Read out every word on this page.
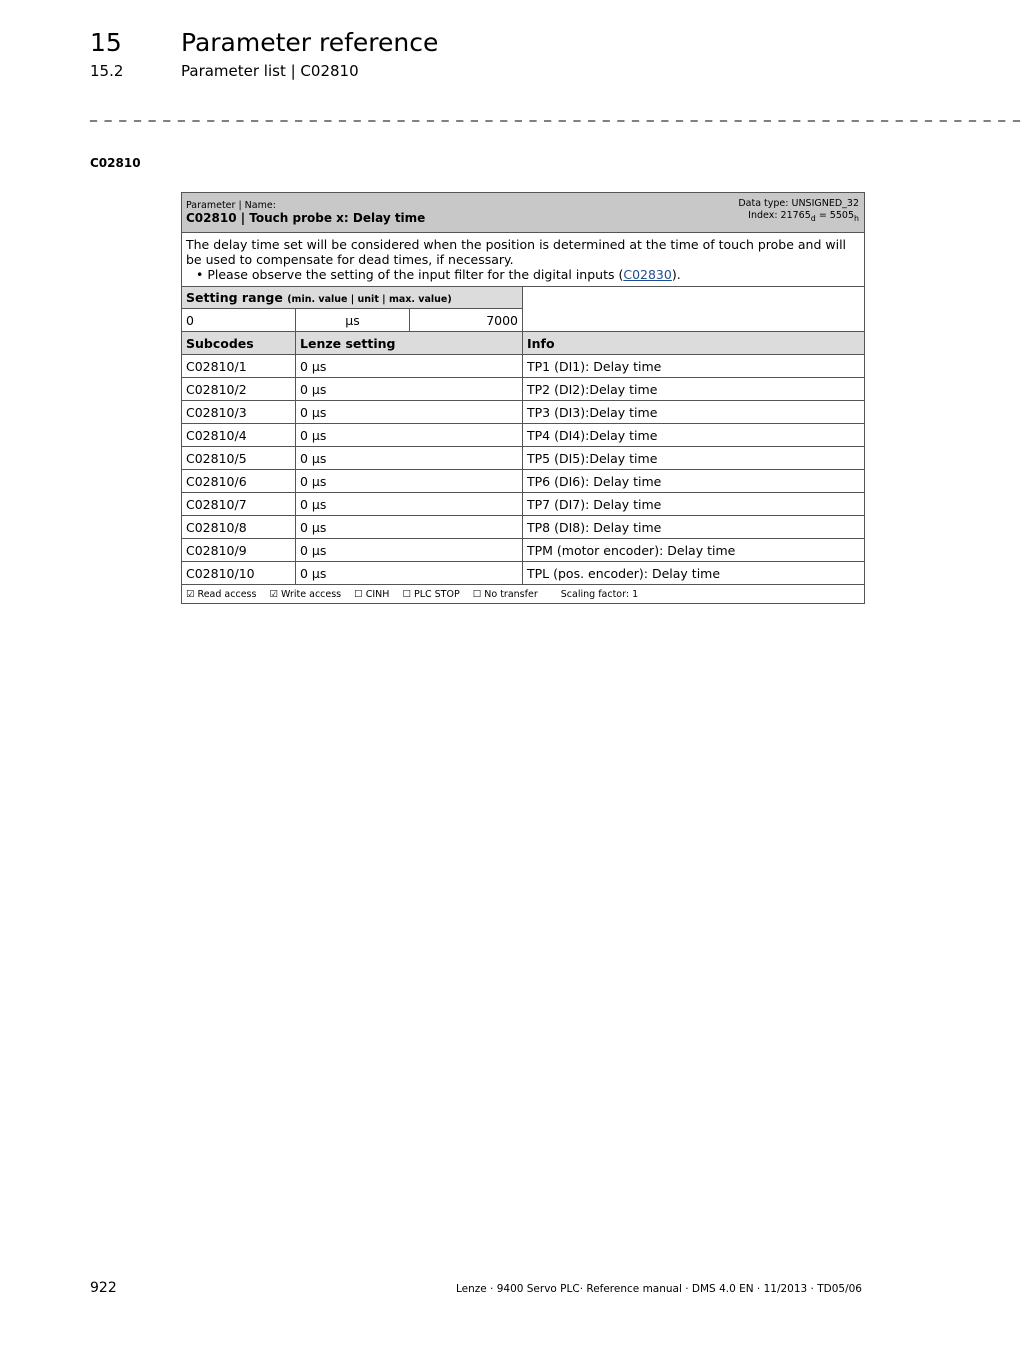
15 Parameter reference
15.2	Parameter list | C02810
_ _ _ _ _ _ _ _ _ _ _ _ _ _ _ _ _ _ _ _ _ _ _ _ _ _ _ _ _ _ _ _ _ _ _ _ _ _ _ _ _ _ _ _ _ _ _ _ _ _ _ _ _ _ _ _ _ _ _ _ _ _ _ _
C02810
Parameter | Name:
C02810 | Touch probe x: Delay time
Data type: UNSIGNED_32
Index: $21765_d = 5505_h$

The delay time set will be considered when the position is determined at the time of touch probe and will be used to compensate for dead times, if necessary.
• Please observe the setting of the input filter for the digital inputs (C02830).			

Setting range (min. value | unit | max. value)			
0	µs	7000	
Subcodes	Lenze setting		Info
C02810/1	0 µs		TP1 (DI1): Delay time
C02810/2	0 µs		TP2 (DI2):Delay time
C02810/3	0 µs		TP3 (DI3):Delay time
C02810/4	0 µs		TP4 (DI4):Delay time
C02810/5	0 µs		TP5 (DI5):Delay time
C02810/6	0 µs		TP6 (DI6): Delay time
C02810/7	0 µs		TP7 (DI7): Delay time
C02810/8	0 µs		TP8 (DI8): Delay time
C02810/9	0 µs		TPM (motor encoder): Delay time
C02810/10	0 µs		TPL (pos. encoder): Delay time
☑ Read access ☑ Write access ☐ CINH ☐ PLC STOP ☐ No transfer Scaling factor: 1			
922	Lenze · 9400 Servo PLC· Reference manual · DMS 4.0 EN · 11/2013 · TD05/06
